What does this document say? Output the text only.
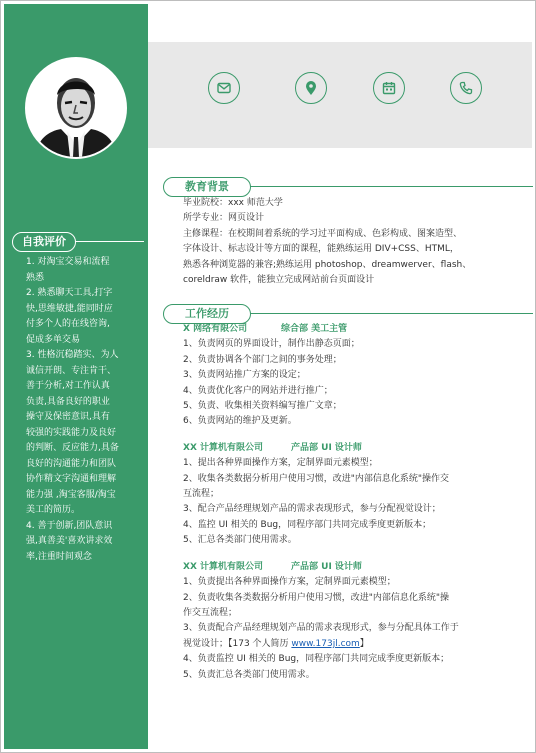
自我评价
1. 对淘宝交易和流程
熟悉
2. 熟悉聊天工具,打字
快,思维敏捷,能同时应
付多个人的在线咨询,
促成多单交易
3. 性格沉稳踏实、为人
诚信开朗、专注肯干、
善于分析,对工作认真
负责,具备良好的职业
操守及保密意识,具有
较强的实践能力及良好
的判断、反应能力,具备
良好的沟通能力和团队
协作精文字沟通和理解
能力强 ,淘宝客服/淘宝
美工的简历。
4. 善于创新,团队意识
强,真善美'喜欢讲求效
率,注重时间观念
教育背景
毕业院校：xxx 师范大学
所学专业：网页设计
主修课程：在校期间着系统的学习过平面构成、色彩构成、图案造型、
字体设计、标志设计等方面的课程，能熟练运用 DIV+CSS、HTML，
熟悉各种浏览器的兼容;熟练运用 photoshop、dreamwerver、flash、
coreldraw 软件，能独立完成网站前台页面设计
工作经历
X 网络有限公司	综合部 美工主管
1、负责网页的界面设计，制作出静态页面；
2、负责协调各个部门之间的事务处理；
3、负责网站推广方案的设定；
4、负责优化客户的网站并进行推广；
5、负责、收集相关资料编写推广文章；
6、负责网站的维护及更新。
XX 计算机有限公司	产品部 UI 设计师
1、提出各种界面操作方案，定制界面元素模型；
2、收集各类数据分析用户使用习惯，改进"内部信息化系统"操作交
互流程；
3、配合产品经理规划产品的需求表现形式，参与分配视觉设计；
4、监控 UI 相关的 Bug，同程序部门共同完成季度更新版本；
5、汇总各类部门使用需求。
XX 计算机有限公司	产品部 UI 设计师
1、负责提出各种界面操作方案，定制界面元素模型；
2、负责收集各类数据分析用户使用习惯，改进"内部信息化系统"操
作交互流程；
3、负责配合产品经理规划产品的需求表现形式，参与分配具体工作于
视觉设计；【173 个人简历 www.173jl.com】
4、负责监控 UI 相关的 Bug，同程序部门共同完成季度更新版本；
5、负责汇总各类部门使用需求。
